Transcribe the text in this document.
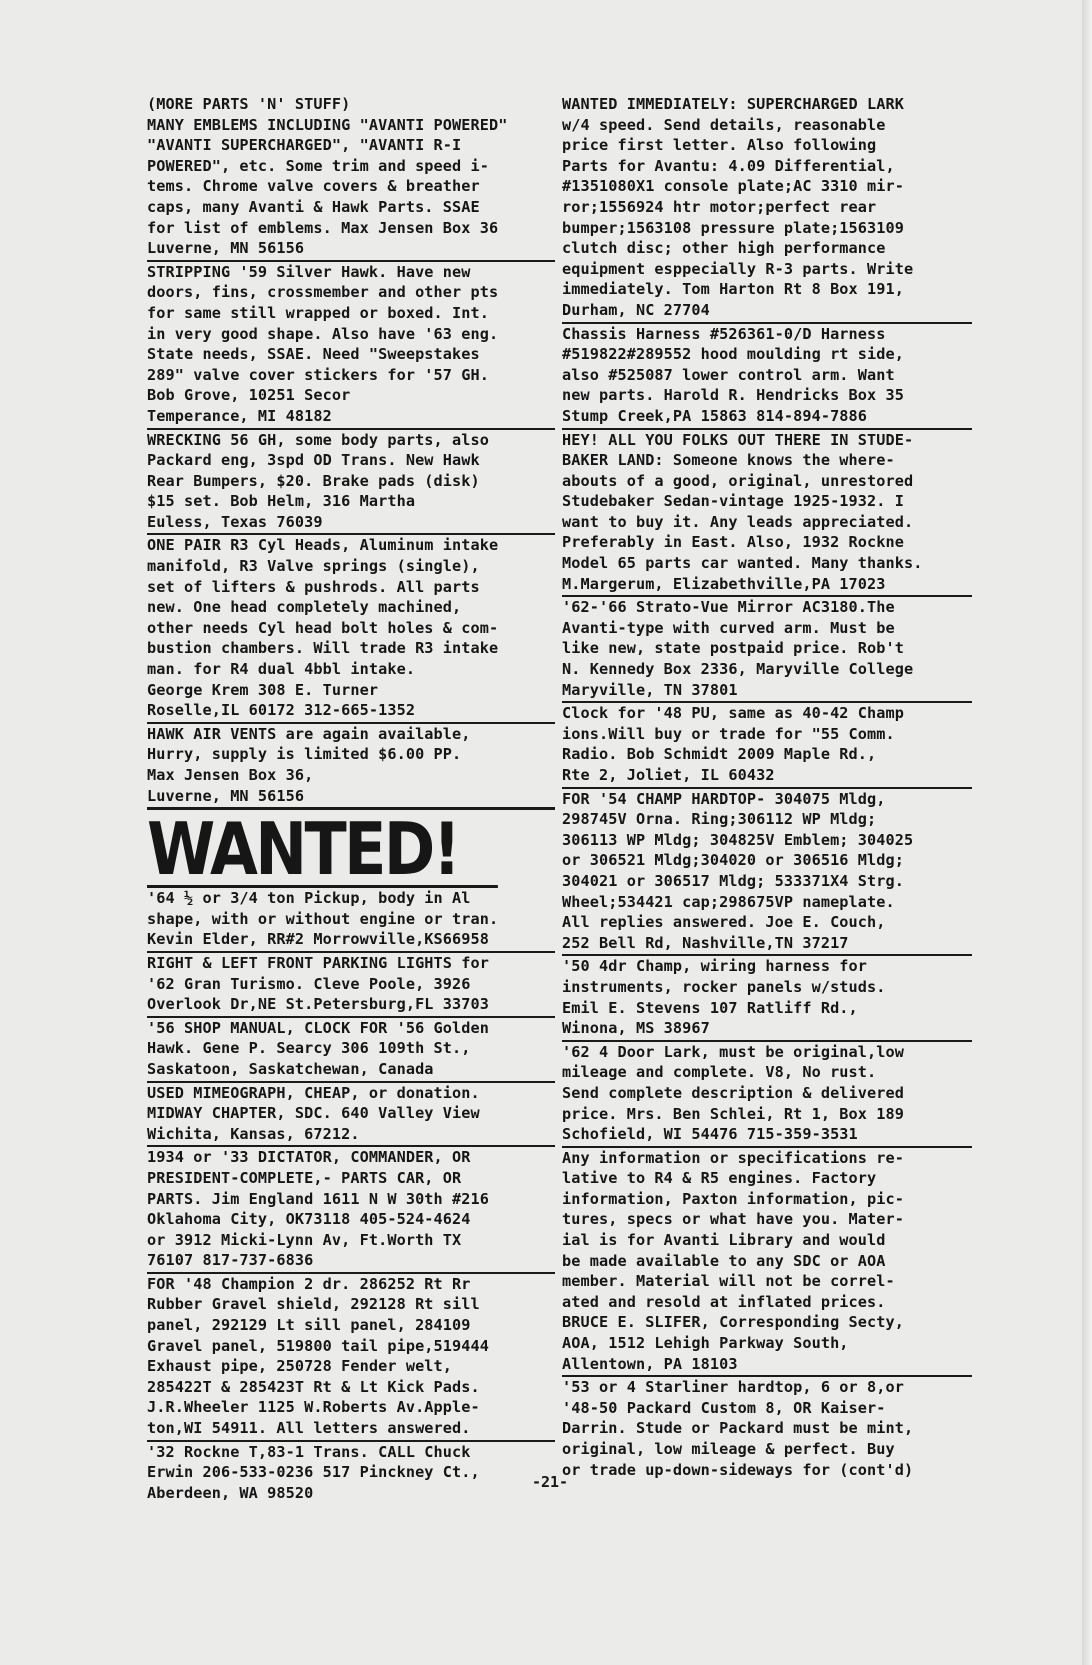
(MORE PARTS 'N' STUFF)

MANY EMBLEMS INCLUDING "AVANTI POWERED"
"AVANTI SUPERCHARGED", "AVANTI R-I
POWERED", etc. Some trim and speed i-
tems. Chrome valve covers & breather
caps, many Avanti & Hawk Parts. SSAE
for list of emblems. Max Jensen Box 36
Luverne, MN 56156

STRIPPING '59 Silver Hawk. Have new
doors, fins, crossmember and other pts
for same still wrapped or boxed. Int.
in very good shape. Also have '63 eng.
State needs, SSAE. Need "Sweepstakes
289" valve cover stickers for '57 GH.
Bob Grove, 10251 Secor
Temperance, MI 48182

WRECKING 56 GH, some body parts, also
Packard eng, 3spd OD Trans. New Hawk
Rear Bumpers, $20. Brake pads (disk)
$15 set. Bob Helm, 316 Martha
Euless, Texas 76039

ONE PAIR R3 Cyl Heads, Aluminum intake
manifold, R3 Valve springs (single),
set of lifters & pushrods. All parts
new. One head completely machined,
other needs Cyl head bolt holes & com-
bustion chambers. Will trade R3 intake
man. for R4 dual 4bbl intake.
George Krem 308 E. Turner
Roselle,IL 60172 312-665-1352

HAWK AIR VENTS are again available,
Hurry, supply is limited $6.00 PP.
Max Jensen Box 36,
Luverne, MN 56156

WANTED!

'64 ½ or 3/4 ton Pickup, body in Al
shape, with or without engine or tran.
Kevin Elder, RR#2 Morrowville,KS66958

RIGHT & LEFT FRONT PARKING LIGHTS for
'62 Gran Turismo. Cleve Poole, 3926
Overlook Dr,NE St.Petersburg,FL 33703

'56 SHOP MANUAL, CLOCK FOR '56 Golden
Hawk. Gene P. Searcy 306 109th St.,
Saskatoon, Saskatchewan, Canada

USED MIMEOGRAPH, CHEAP, or donation.
MIDWAY CHAPTER, SDC. 640 Valley View
Wichita, Kansas, 67212.

1934 or '33 DICTATOR, COMMANDER, OR
PRESIDENT-COMPLETE,- PARTS CAR, OR
PARTS. Jim England 1611 N W 30th #216
Oklahoma City, OK73118 405-524-4624
or 3912 Micki-Lynn Av, Ft.Worth TX
76107 817-737-6836

FOR '48 Champion 2 dr. 286252 Rt Rr
Rubber Gravel shield, 292128 Rt sill
panel, 292129 Lt sill panel, 284109
Gravel panel, 519800 tail pipe,519444
Exhaust pipe, 250728 Fender welt,
285422T & 285423T Rt & Lt Kick Pads.
J.R.Wheeler 1125 W.Roberts Av.Apple-
ton,WI 54911. All letters answered.

'32 Rockne T,83-1 Trans. CALL Chuck
Erwin 206-533-0236 517 Pinckney Ct.,
Aberdeen, WA 98520

WANTED IMMEDIATELY: SUPERCHARGED LARK
w/4 speed. Send details, reasonable
price first letter. Also following
Parts for Avantu: 4.09 Differential,
#1351080X1 console plate;AC 3310 mir-
ror;1556924 htr motor;perfect rear
bumper;1563108 pressure plate;1563109
clutch disc; other high performance
equipment esppecially R-3 parts. Write
immediately. Tom Harton Rt 8 Box 191,
Durham, NC 27704

Chassis Harness #526361-0/D Harness
#519822#289552 hood moulding rt side,
also #525087 lower control arm. Want
new parts. Harold R. Hendricks Box 35
Stump Creek,PA 15863 814-894-7886

HEY! ALL YOU FOLKS OUT THERE IN STUDE-
BAKER LAND: Someone knows the where-
abouts of a good, original, unrestored
Studebaker Sedan-vintage 1925-1932. I
want to buy it. Any leads appreciated.
Preferably in East. Also, 1932 Rockne
Model 65 parts car wanted. Many thanks.
M.Margerum, Elizabethville,PA 17023

'62-'66 Strato-Vue Mirror AC3180.The
Avanti-type with curved arm. Must be
like new, state postpaid price. Rob't
N. Kennedy Box 2336, Maryville College
Maryville, TN 37801

Clock for '48 PU, same as 40-42 Champ
ions.Will buy or trade for "55 Comm.
Radio. Bob Schmidt 2009 Maple Rd.,
Rte 2, Joliet, IL 60432

FOR '54 CHAMP HARDTOP- 304075 Mldg,
298745V Orna. Ring;306112 WP Mldg;
306113 WP Mldg; 304825V Emblem; 304025
or 306521 Mldg;304020 or 306516 Mldg;
304021 or 306517 Mldg; 533371X4 Strg.
Wheel;534421 cap;298675VP nameplate.
All replies answered. Joe E. Couch,
252 Bell Rd, Nashville,TN 37217

'50 4dr Champ, wiring harness for
instruments, rocker panels w/studs.
Emil E. Stevens 107 Ratliff Rd.,
Winona, MS 38967

'62 4 Door Lark, must be original,low
mileage and complete. V8, No rust.
Send complete description & delivered
price. Mrs. Ben Schlei, Rt 1, Box 189
Schofield, WI 54476 715-359-3531

Any information or specifications re-
lative to R4 & R5 engines. Factory
information, Paxton information, pic-
tures, specs or what have you. Mater-
ial is for Avanti Library and would
be made available to any SDC or AOA
member. Material will not be correl-
ated and resold at inflated prices.
BRUCE E. SLIFER, Corresponding Secty,
AOA, 1512 Lehigh Parkway South,
Allentown, PA 18103

'53 or 4 Starliner hardtop, 6 or 8,or
'48-50 Packard Custom 8, OR Kaiser-
Darrin. Stude or Packard must be mint,
original, low mileage & perfect. Buy
or trade up-down-sideways for (cont'd)

-21-
